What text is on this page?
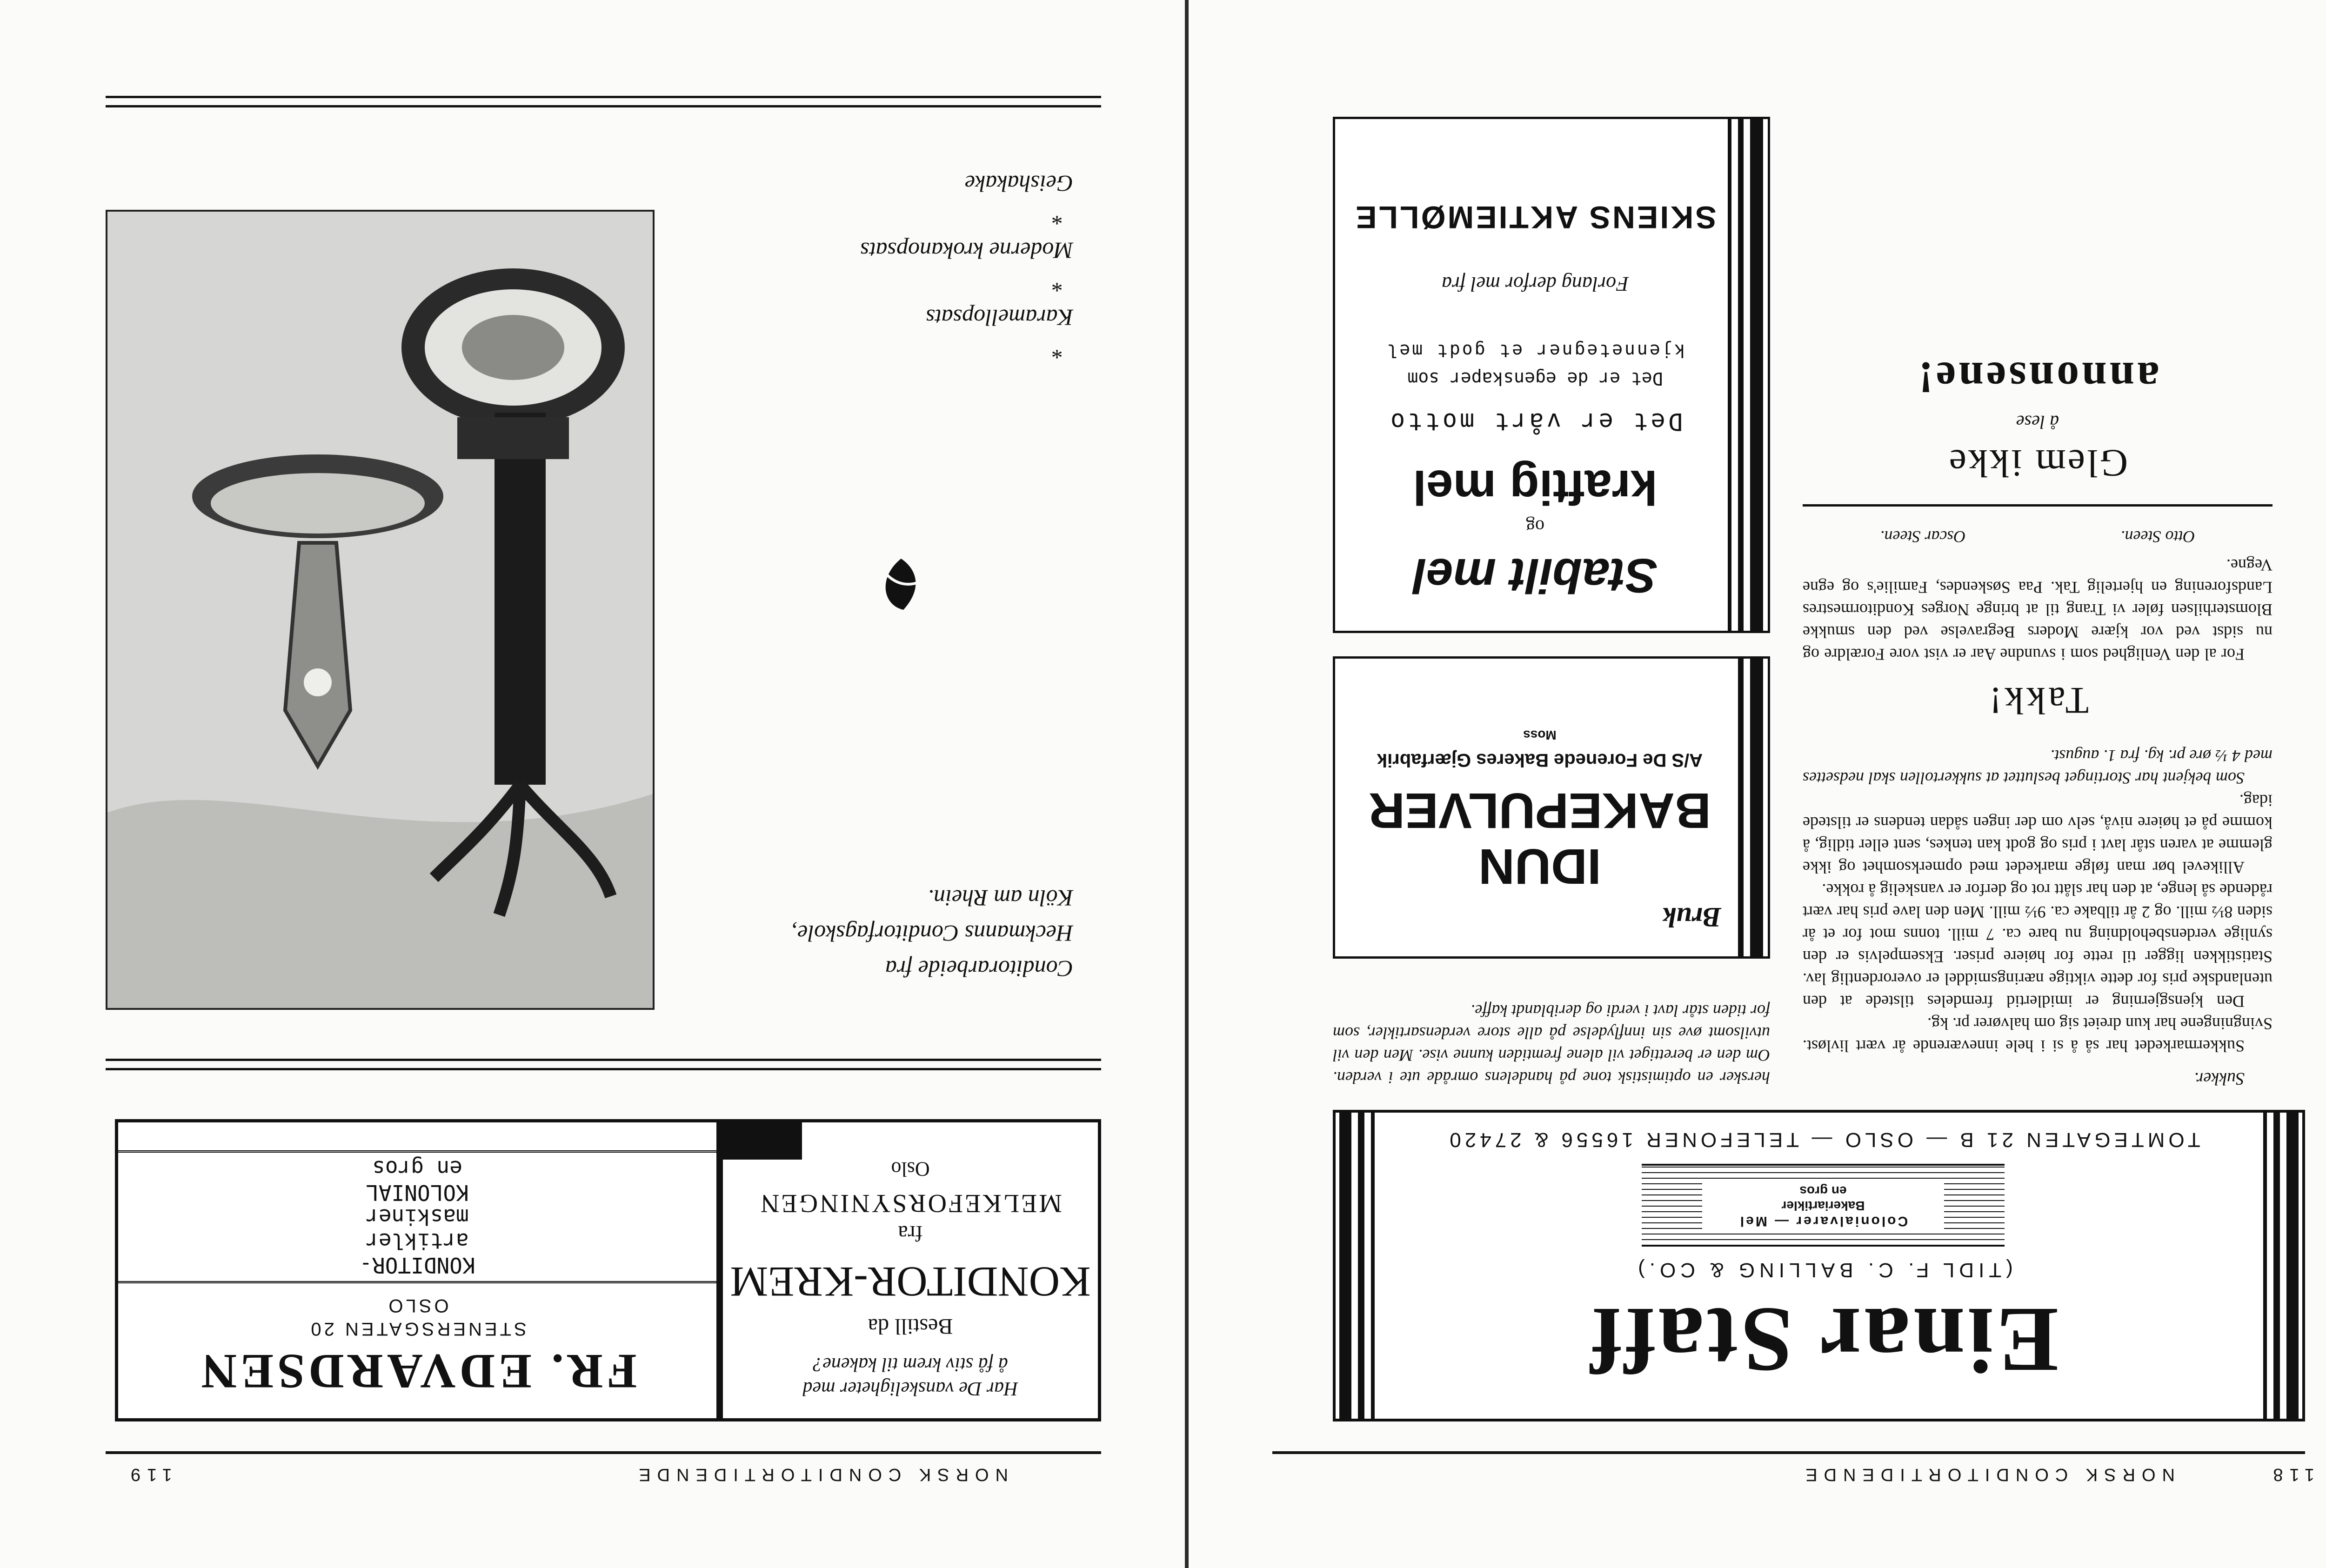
118
NORSK CONDITORTIDENDE
Einar Staff
(TIDL F. C. BALLING & CO.)
Colonialvarer — Mel
Bakeriartikler
en gros
TOMTEGATEN 21 B — OSLO — TELEFONER 16556 & 27420
Sukker.

Sukkermarkedet har så å si i hele inneværende år vært livløst. Svingningene har kun dreiet sig om halvører pr. kg.

Den kjensgjerning er imidlertid fremdeles tilstede at den utenlandske pris for dette viktige næringsmiddel er overordentlig lav. Statistikken ligger til rette for høiere priser. Eksempelvis er den synlige verdensbeholdning nu bare ca. 7 mill. tonns mot for et år siden 8½ mill. og 2 år tilbake ca. 9½ mill. Men den lave pris har vært rådende så lenge, at den har slått rot og derfor er vanskelig å rokke.

Allikevel bør man følge markedet med opmerksomhet og ikke glemme at varen står lavt i pris og godt kan tenkes, sent eller tidlig, å komme på et høiere nivå, selv om der ingen sådan tendens er tilstede idag.

Som bekjent har Stortinget besluttet at sukkertollen skal nedsettes med 4 ½ øre pr. kg. fra 1. august.

Takk!

For al den Venlighed som i svundne Aar er vist vore Forældre og nu sidst ved vor kjære Moders Begravelse ved den smukke Blomsterhilsen føler vi Trang til at bringe Norges Konditormestres Landsforening en hjertelig Tak. Paa Søskendes, Familie's og egne Vegne.

Otto Steen.
Oscar Steen.
Glem ikke
å lese
annonsene!

hersker en optimistisk tone på handelens område ute i verden. Om den er berettiget vil alene fremtiden kunne vise. Men den vil utvilsomt øve sin innflydelse på alle store verdensartikler, som for tiden står lavt i verdi og deriblandt kaffe.

Bruk
IDUN
BAKEPULVER
A/S De Forenede Bakeres Gjærfabrik
Moss
Stabilt mel
og
kraftig mel
Det er vårt motto
Det er de egenskaper som
kjennetegner et godt mel
Forlang derfor mel fra
SKIENS AKTIEMØLLE
NORSK CONDITORTIDENDE
119
FR. EDVARDSEN
STENERSGATEN 20
OSLO
KONDITOR-
artikler
maskiner
KOLONIAL
en gros
Har De vanskeligheter med
å få stiv krem til kakene?
Bestill da
KONDITOR-KREM
fra
MELKEFORSYNINGEN
Oslo
Conditorarbeide fra
Heckmanns Conditorfagskole,
Köln am Rhein.
*
Karamellopsats
*
Moderne krokanopsats
*
Geishakake
